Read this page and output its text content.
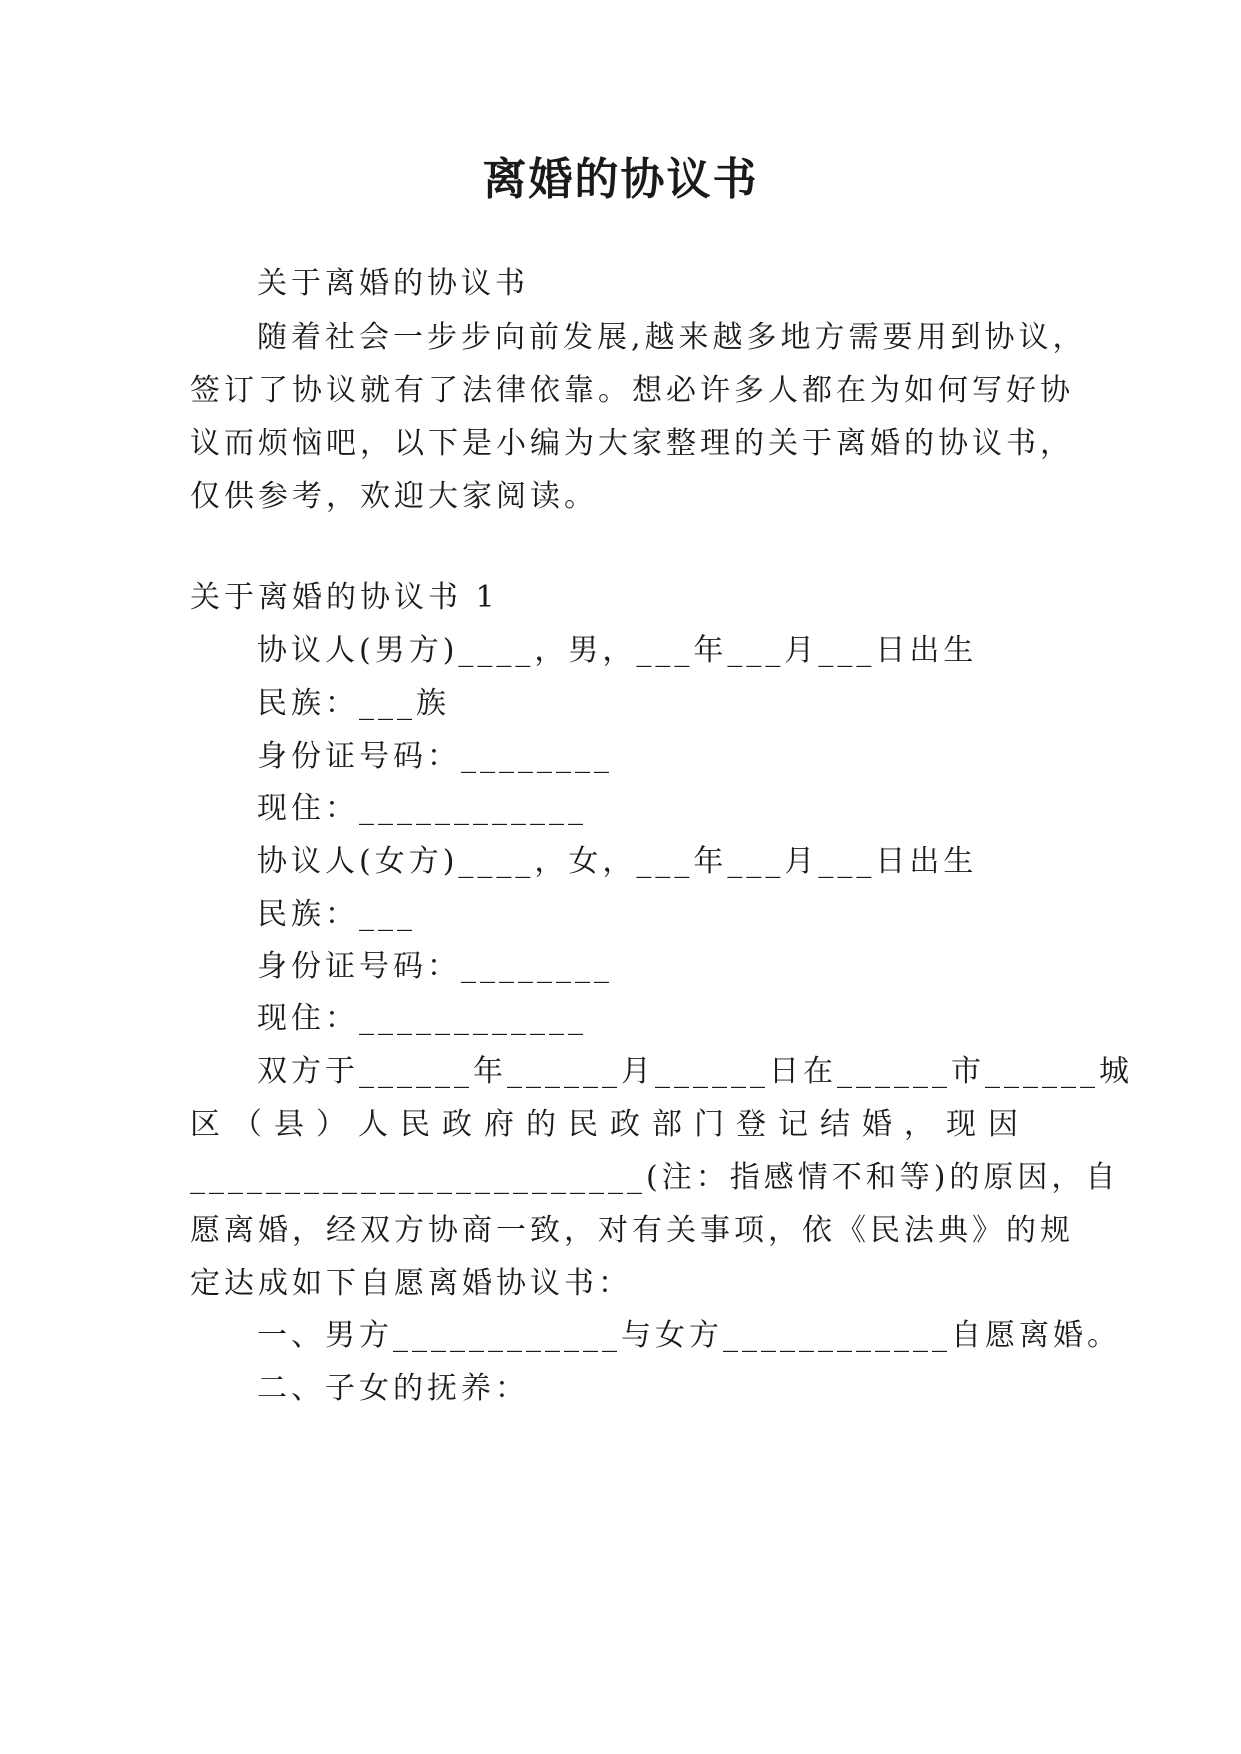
离婚的协议书
关于离婚的协议书
随着社会一步步向前发展,越来越多地方需要用到协议，
签订了协议就有了法律依靠。想必许多人都在为如何写好协
议而烦恼吧，以下是小编为大家整理的关于离婚的协议书，
仅供参考，欢迎大家阅读。
关于离婚的协议书 1
协议人(男方)____，男，___年___月___日出生
民族：___族
身份证号码：________
现住：____________
协议人(女方)____，女，___年___月___日出生
民族：___
身份证号码：________
现住：____________
双方于______年______月______日在______市______城
区（县）人民政府的民政部门登记结婚，现因
________________________(注：指感情不和等)的原因，自
愿离婚，经双方协商一致，对有关事项，依《民法典》的规
定达成如下自愿离婚协议书：
一、男方____________与女方____________自愿离婚。
二、子女的抚养：
